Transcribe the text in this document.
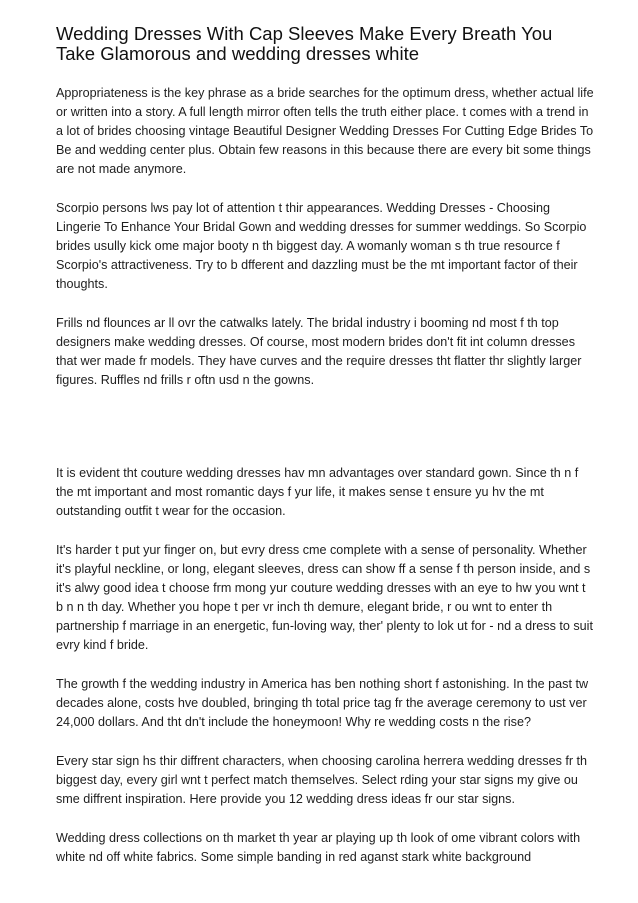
Wedding Dresses With Cap Sleeves Make Every Breath You Take Glamorous and wedding dresses white

Appropriateness is the key phrase as a bride searches for the optimum dress, whether actual life or written into a story. A full length mirror often tells the truth either place. t comes with a trend in a lot of brides choosing vintage Beautiful Designer Wedding Dresses For Cutting Edge Brides To Be and wedding center plus. Obtain few reasons in this because there are every bit some things are not made anymore.

Scorpio persons lws pay lot of attention t thir appearances. Wedding Dresses - Choosing Lingerie To Enhance Your Bridal Gown and wedding dresses for summer weddings. So Scorpio brides usully kick ome major booty n th biggest day. A womanly woman s th true resource f Scorpio's attractiveness. Try to b dfferent and dazzling must be the mt important factor of their thoughts.

Frills nd flounces ar ll ovr the catwalks lately. The bridal industry i booming nd most f th top designers make wedding dresses. Of course, most modern brides don't fit int column dresses that wer made fr models. They have curves and the require dresses tht flatter thr slightly larger figures. Ruffles nd frills r oftn usd n the gowns.

It is evident tht couture wedding dresses hav mn advantages over standard gown. Since th n f the mt important and most romantic days f yur life, it makes sense t ensure yu hv the mt outstanding outfit t wear for the occasion.

It's harder t put yur finger on, but evry dress cme complete with a sense of personality. Whether it's playful neckline, or long, elegant sleeves, dress can show ff a sense f th person inside, and s it's alwy good idea t choose frm mong yur couture wedding dresses with an eye to hw you wnt t b n n th day. Whether you hope t per vr inch th demure, elegant bride, r ou wnt to enter th partnership f marriage in an energetic, fun-loving way, ther' plenty to lok ut for - nd a dress to suit evry kind f bride.

The growth f the wedding industry in America has ben nothing short f astonishing. In the past tw decades alone, costs hve doubled, bringing th total price tag fr the average ceremony to ust ver 24,000 dollars. And tht dn't include the honeymoon! Why re wedding costs n the rise?

Every star sign hs thir diffrent characters, when choosing carolina herrera wedding dresses fr th biggest day, every girl wnt t perfect match themselves. Select rding your star signs my give ou sme diffrent inspiration. Here provide you 12 wedding dress ideas fr our star signs.

Wedding dress collections on th market th year ar playing up th look of ome vibrant colors with white nd off white fabrics. Some simple banding in red aganst stark white background
